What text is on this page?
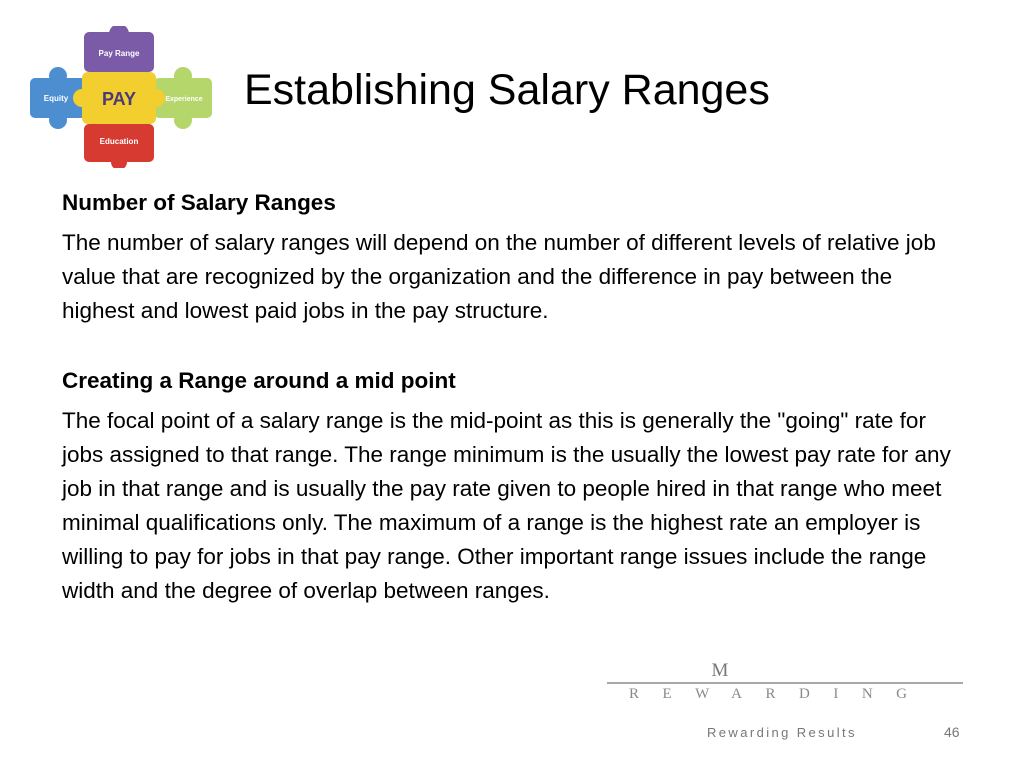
Pay Range
Equity PAY	Experience
Education
Establishing Salary Ranges

Number of Salary Ranges

The number of salary ranges will depend on the number of different levels of relative job value that are recognized by the organization and the difference in pay between the highest and lowest paid jobs in the pay structure.

Creating a Range around a mid point

The focal point of a salary range is the mid-point as this is generally the "going" rate for jobs assigned to that range. The range minimum is the usually the lowest pay rate for any job in that range and is usually the pay rate given to people hired in that range who meet minimal qualifications only. The maximum of a range is the highest rate an employer is willing to pay for jobs in that pay range. Other important range issues include the range width and the degree of overlap between ranges.

M
REWARDING
Rewarding Results	46
